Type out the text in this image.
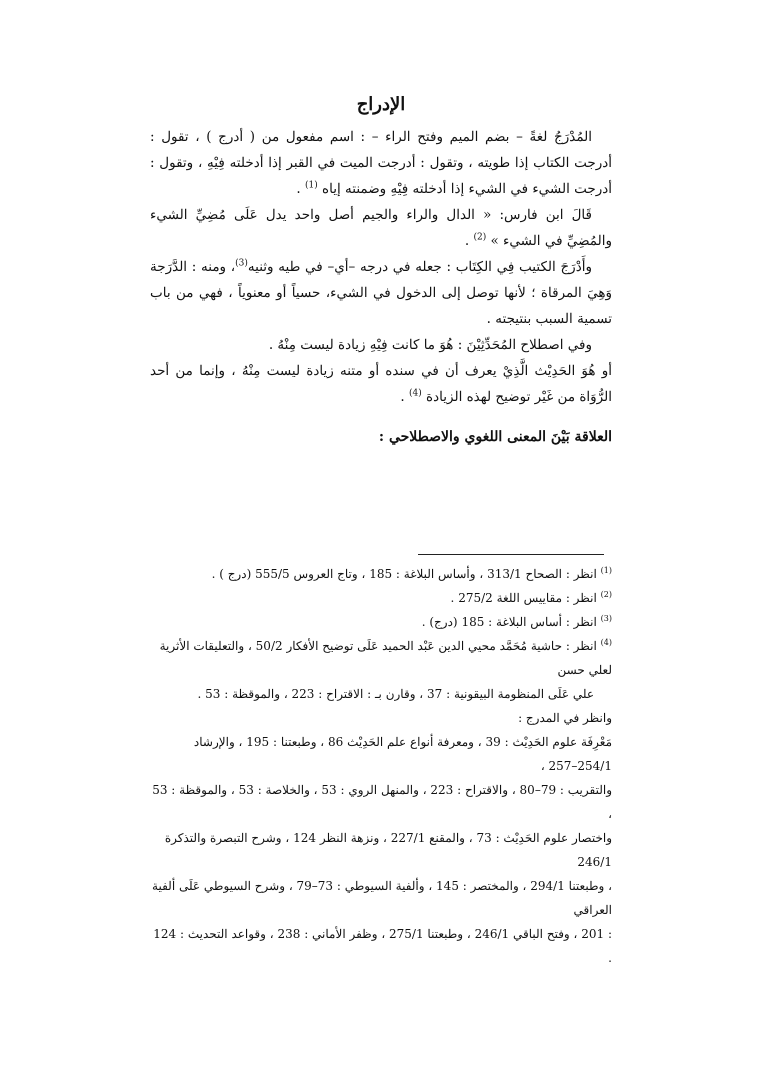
الإدراج

المُدْرَجُ لغةً – بضم الميم وفتح الراء – : اسم مفعول من ( أدرج ) ، تقول : أدرجت الكتاب إذا طويته ، وتقول : أدرجت الميت في القبر إذا أدخلته فِيْهِ ، وتقول : أدرجت الشيء في الشيء إذا أدخلته فِيْهِ وضمنته إياه $^{(1)}$ .

قَالَ ابن فارس: « الدال والراء والجيم أصل واحد يدل عَلَى مُضِيِّ الشيء والمُضِيِّ في الشيء » $^{(2)}$ .

وأَدْرَجَ الكتيب فِي الكِتَاب : جعله في درجه –أي– في طيه وثنيه$^{(3)}$، ومنه : الدَّرَجة وَهِيَ المرقاة ؛ لأنها توصل إلى الدخول في الشيء، حسياً أو معنوياً ، فهي من باب تسمية السبب بنتيجته .

وفي اصطلاح المُحَدِّثِيْنَ : هُوَ ما كانت فِيْهِ زيادة ليست مِنْهُ .

أو هُوَ الحَدِيْث الَّذِيْ يعرف أن في سنده أو متنه زيادة ليست مِنْهُ ، وإنما من أحد الرُّوَاة من غَيْر توضيح لهذه الزيادة $^{(4)}$ .

العلاقة بَيْنَ المعنى اللغوي والاصطلاحي :

$^{(1)}$ انظر : الصحاح 313/1 ، وأساس البلاغة : 185 ، وتاج العروس 555/5 (درج ) .

$^{(2)}$ انظر : مقاييس اللغة 275/2 .

$^{(3)}$ انظر : أساس البلاغة : 185 (درج) .

$^{(4)}$ انظر : حاشية مُحَمَّد محيي الدين عَبْد الحميد عَلَى توضيح الأفكار 50/2 ، والتعليقات الأثرية لعلي حسن

علي عَلَى المنظومة البيقونية : 37 ، وقارن بـ : الاقتراح : 223 ، والموقظة : 53 .

وانظر في المدرج :

مَعْرِفَة علوم الحَدِيْث : 39 ، ومعرفة أنواع علم الحَدِيْث 86 ، وطبعتنا : 195 ، والإرشاد 254/1–257 ،

والتقريب : 79–80 ، والاقتراح : 223 ، والمنهل الروي : 53 ، والخلاصة : 53 ، والموقظة : 53 ،

واختصار علوم الحَدِيْث : 73 ، والمقنع 227/1 ، ونزهة النظر 124 ، وشرح التبصرة والتذكرة 246/1

، وطبعتنا 294/1 ، والمختصر : 145 ، وألفية السيوطي : 73–79 ، وشرح السيوطي عَلَى ألفية العراقي

: 201 ، وفتح الباقي 246/1 ، وطبعتنا 275/1 ، وظفر الأماني : 238 ، وقواعد التحديث : 124 .
